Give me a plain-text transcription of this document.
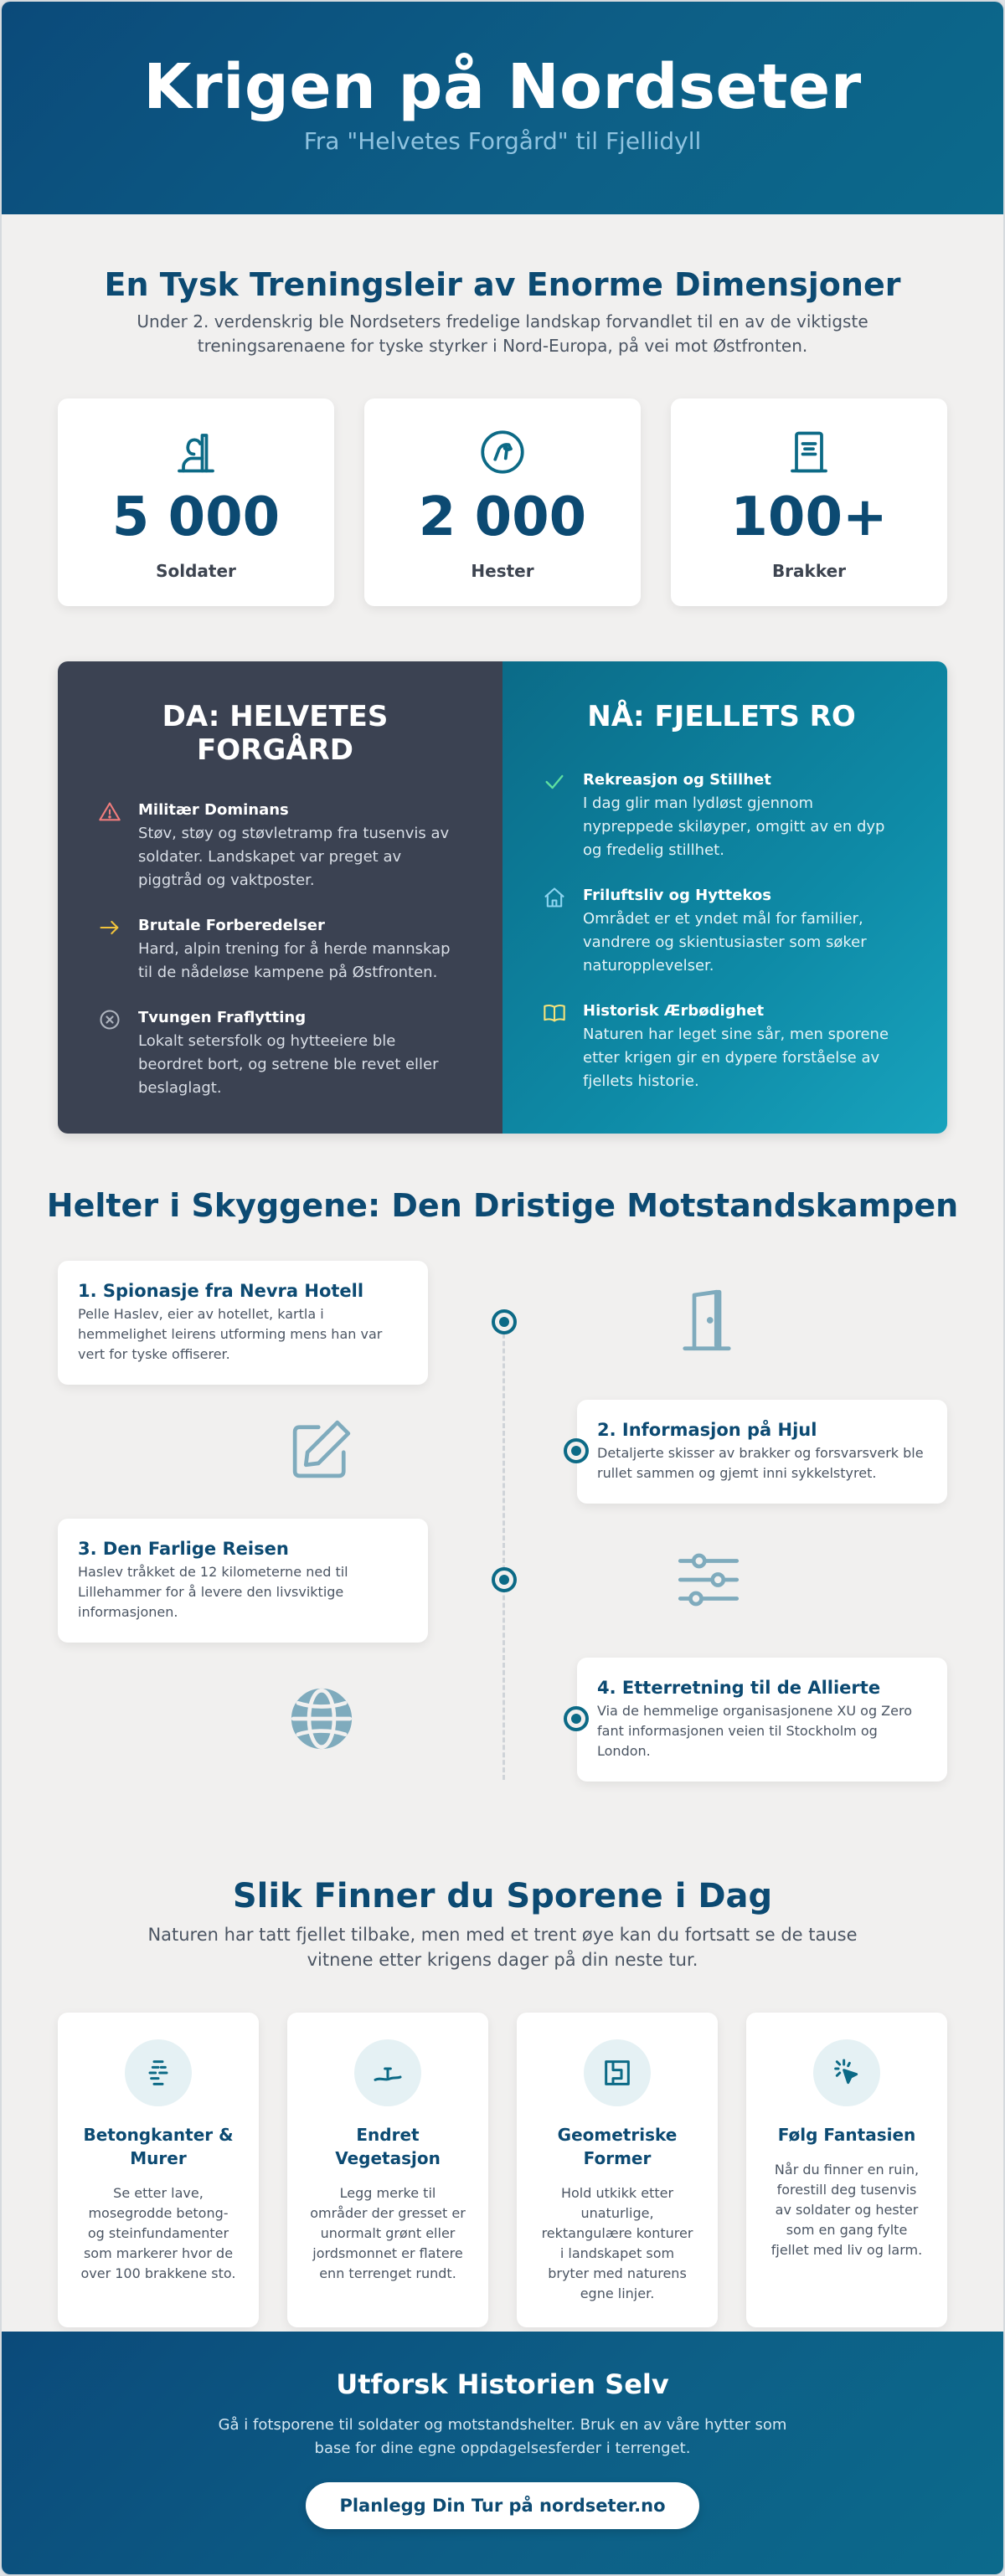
Krigen på Nordseter

Fra "Helvetes Forgård" til Fjellidyll

En Tysk Treningsleir av Enorme Dimensjoner

Under 2. verdenskrig ble Nordseters fredelige landskap forvandlet til en av de viktigste treningsarenaene for tyske styrker i Nord-Europa, på vei mot Østfronten.

5 000
Soldater
2 000
Hester
100+
Brakker
DA: HELVETES FORGÅRD
Militær Dominans
Støv, støy og støvletramp fra tusenvis av soldater. Landskapet var preget av piggtråd og vaktposter.
Brutale Forberedelser
Hard, alpin trening for å herde mannskap til de nådeløse kampene på Østfronten.
Tvungen Fraflytting
Lokalt setersfolk og hytteeiere ble beordret bort, og setrene ble revet eller beslaglagt.
NÅ: FJELLETS RO
Rekreasjon og Stillhet
I dag glir man lydløst gjennom nypreppede skiløyper, omgitt av en dyp og fredelig stillhet.
Friluftsliv og Hyttekos
Området er et yndet mål for familier, vandrere og skientusiaster som søker naturopplevelser.
Historisk Ærbødighet
Naturen har leget sine sår, men sporene etter krigen gir en dypere forståelse av fjellets historie.
Helter i Skyggene: Den Dristige Motstandskampen
1. Spionasje fra Nevra Hotell
Pelle Haslev, eier av hotellet, kartla i hemmelighet leirens utforming mens han var vert for tyske offiserer.
2. Informasjon på Hjul
Detaljerte skisser av brakker og forsvarsverk ble rullet sammen og gjemt inni sykkelstyret.
3. Den Farlige Reisen
Haslev tråkket de 12 kilometerne ned til Lillehammer for å levere den livsviktige informasjonen.
4. Etterretning til de Allierte
Via de hemmelige organisasjonene XU og Zero fant informasjonen veien til Stockholm og London.
Slik Finner du Sporene i Dag

Naturen har tatt fjellet tilbake, men med et trent øye kan du fortsatt se de tause vitnene etter krigens dager på din neste tur.

Betongkanter & Murer
Se etter lave, mosegrodde betong- og steinfundamenter som markerer hvor de over 100 brakkene sto.
Endret Vegetasjon
Legg merke til områder der gresset er unormalt grønt eller jordsmonnet er flatere enn terrenget rundt.
Geometriske Former
Hold utkikk etter unaturlige, rektangulære konturer i landskapet som bryter med naturens egne linjer.
Følg Fantasien
Når du finner en ruin, forestill deg tusenvis av soldater og hester som en gang fylte fjellet med liv og larm.
Utforsk Historien Selv

Gå i fotsporene til soldater og motstandshelter. Bruk en av våre hytter som base for dine egne oppdagelsesferder i terrenget.

Planlegg Din Tur på nordseter.no
